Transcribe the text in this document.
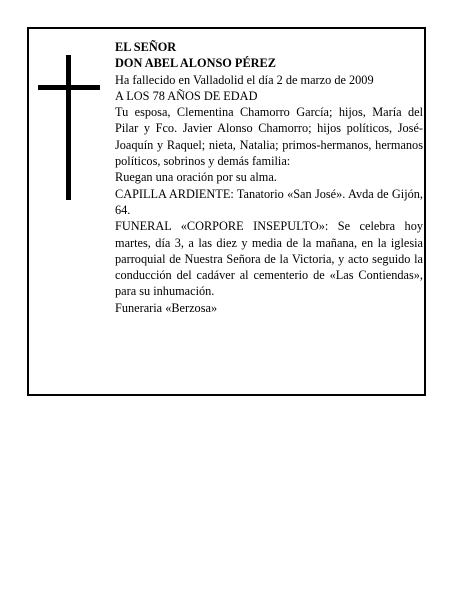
EL SEÑOR

DON ABEL ALONSO PÉREZ

Ha fallecido en Valladolid el día 2 de marzo de 2009

A LOS 78 AÑOS DE EDAD

Tu esposa, Clementina Chamorro García; hijos, María del Pilar y Fco. Javier Alonso Chamorro; hijos políticos, José-Joaquín y Raquel; nieta, Natalia; primos-hermanos, hermanos políticos, sobrinos y demás familia:

Ruegan una oración por su alma.

CAPILLA ARDIENTE: Tanatorio «San José». Avda de Gijón, 64.

FUNERAL «CORPORE INSEPULTO»: Se celebra hoy martes, día 3, a las diez y media de la mañana, en la iglesia parroquial de Nuestra Señora de la Victoria, y acto seguido la conducción del cadáver al cementerio de «Las Contiendas», para su inhumación.

Funeraria «Berzosa»
